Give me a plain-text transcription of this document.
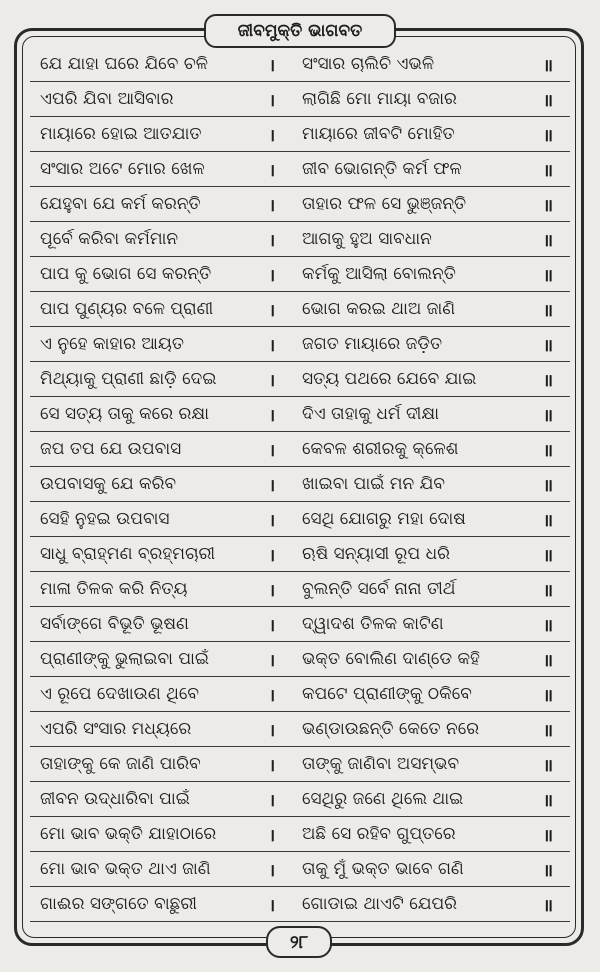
ଜୀବମୁକ୍ତି ଭାଗବତ
ଯେ ଯାହା ଘରେ ଯିବେ ଚଳି	। ସଂସାର ଚାଲିଚି ଏଭଳି	॥
ଏପରି ଯିବା ଆସିବାର	। ଲାଗିଛି ମୋ ମାୟା ବଜାର	॥
ମାୟାରେ ହୋଇ ଆତଯାତ	। ମାୟାରେ ଜୀବଟି ମୋହିତ	॥
ସଂସାର ଅଟେ ମୋର ଖେଳ	। ଜୀବ ଭୋଗନ୍ତି କର୍ମ ଫଳ	॥
ଯେହୁବା ଯେ କର୍ମ କରନ୍ତି	। ତାହାର ଫଳ ସେ ଭୁଞ୍ଜନ୍ତି	॥
ପୂର୍ବେ କରିବା କର୍ମମାନ	। ଆଗକୁ ହୁଅ ସାବଧାନ	॥
ପାପ କୁ ଭୋଗ ସେ କରନ୍ତି	। କର୍ମକୁ ଆସିଲା ବୋଲନ୍ତି	॥
ପାପ ପୁଣ୍ୟର ବଳେ ପ୍ରାଣୀ	। ଭୋଗ କରଇ ଥାଅ ଜାଣି	॥
ଏ ନୁହେ କାହାର ଆୟତ	। ଜଗତ ମାୟାରେ ଜଡ଼ିତ	॥
ମିଥ୍ୟାକୁ ପ୍ରାଣୀ ଛାଡ଼ି ଦେଇ	। ସତ୍ୟ ପଥରେ ଯେବେ ଯାଇ	॥
ସେ ସତ୍ୟ ତାକୁ କରେ ରକ୍ଷା	। ଦିଏ ତାହାକୁ ଧର୍ମ ଦୀକ୍ଷା	॥
ଜପ ତପ ଯେ ଉପବାସ	। କେବଳ ଶରୀରକୁ କ୍ଳେଶ	॥
ଉପବାସକୁ ଯେ କରିବ	। ଖାଇବା ପାଇଁ ମନ ଯିବ	॥
ସେହି ନୁହଇ ଉପବାସ	। ସେଥି ଯୋଗରୁ ମହା ଦୋଷ	॥
ସାଧୁ ବ୍ରାହ୍ମଣ ବ୍ରହ୍ମଚାରୀ	। ଋଷି ସନ୍ୟାସୀ ରୂପ ଧରି	॥
ମାଳା ତିଳକ କରି ନିତ୍ୟ	। ବୁଲନ୍ତି ସର୍ବେ ନାନା ତୀର୍ଥ	॥
ସର୍ବାଙ୍ଗେ ବିଭୂତି ଭୂଷଣ	। ଦ୍ୱାଦଶ ତିଳକ କାଟିଣ	॥
ପ୍ରାଣୀଙ୍କୁ ଭୁଲାଇବା ପାଇଁ	। ଭକ୍ତ ବୋଲିଣ ଦାଣ୍ଡେ କହି	॥
ଏ ରୂପେ ଦେଖାଉଣ ଥିବେ	। କପଟେ ପ୍ରାଣୀଙ୍କୁ ଠକିବେ	॥
ଏପରି ସଂସାର ମଧ୍ୟରେ	। ଭଣ୍ଡାଉଛନ୍ତି କେତେ ନରେ	॥
ତାହାଙ୍କୁ କେ ଜାଣି ପାରିବ	। ତାଙ୍କୁ ଜାଣିବା ଅସମ୍ଭବ	॥
ଜୀବନ ଉଦ୍ଧାରିବା ପାଇଁ	। ସେଥିରୁ ଜଣେ ଥିଲେ ଥାଇ	॥
ମୋ ଭାବ ଭକ୍ତି ଯାହାଠାରେ	। ଅଛି ସେ ରହିବ ଗୁପ୍ତରେ	॥
ମୋ ଭାବ ଭକ୍ତ ଥାଏ ଜାଣି	। ତାକୁ ମୁଁ ଭକ୍ତ ଭାବେ ଗଣି	॥
ଗାଈର ସଙ୍ଗତେ ବାଛୁରୀ	। ଗୋଡାଇ ଥାଏଟି ଯେପରି	॥
୨୮
